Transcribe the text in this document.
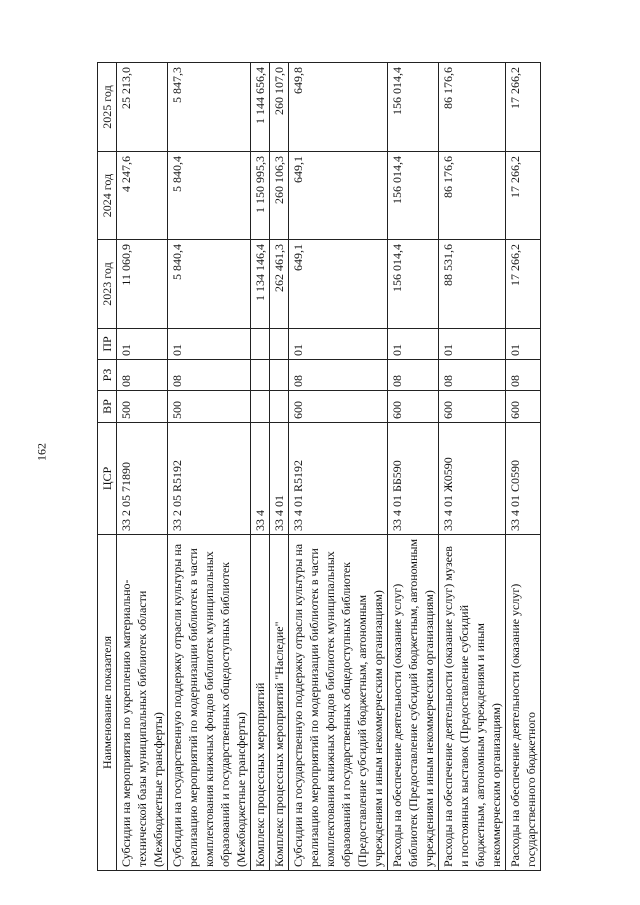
162
Наименование показателя	ЦСР	ВР	РЗ	ПР	2023 год	2024 год	2025 год
Субсидии на мероприятия по укреплению материально-технической базы муниципальных библиотек области (Межбюджетные трансферты)	33 2 05 71890	500	08	01	11 060,9	4 247,6	25 213,0
Субсидии на государственную поддержку отрасли культуры на реализацию мероприятий по модернизации библиотек в части комплектования книжных фондов библиотек муниципальных образований и государственных общедоступных библиотек (Межбюджетные трансферты)	33 2 05 R5192	500	08	01	5 840,4	5 840,4	5 847,3
Комплекс процессных мероприятий	33 4				1 134 146,4	1 150 995,3	1 144 656,4
Комплекс процессных мероприятий "Наследие"	33 4 01				262 461,3	260 106,3	260 107,0
Субсидии на государственную поддержку отрасли культуры на реализацию мероприятий по модернизации библиотек в части комплектования книжных фондов библиотек муниципальных образований и государственных общедоступных библиотек (Предоставление субсидий бюджетным, автономным учреждениям и иным некоммерческим организациям)	33 4 01 R5192	600	08	01	649,1	649,1	649,8
Расходы на обеспечение деятельности (оказание услуг) библиотек (Предоставление субсидий бюджетным, автономным учреждениям и иным некоммерческим организациям)	33 4 01 ББ590	600	08	01	156 014,4	156 014,4	156 014,4
Расходы на обеспечение деятельности (оказание услуг) музеев и постоянных выставок (Предоставление субсидий бюджетным, автономным учреждениям и иным некоммерческим организациям)	33 4 01 Ж0590	600	08	01	88 531,6	86 176,6	86 176,6
Расходы на обеспечение деятельности (оказание услуг) государственного бюджетного	33 4 01 С0590	600	08	01	17 266,2	17 266,2	17 266,2
